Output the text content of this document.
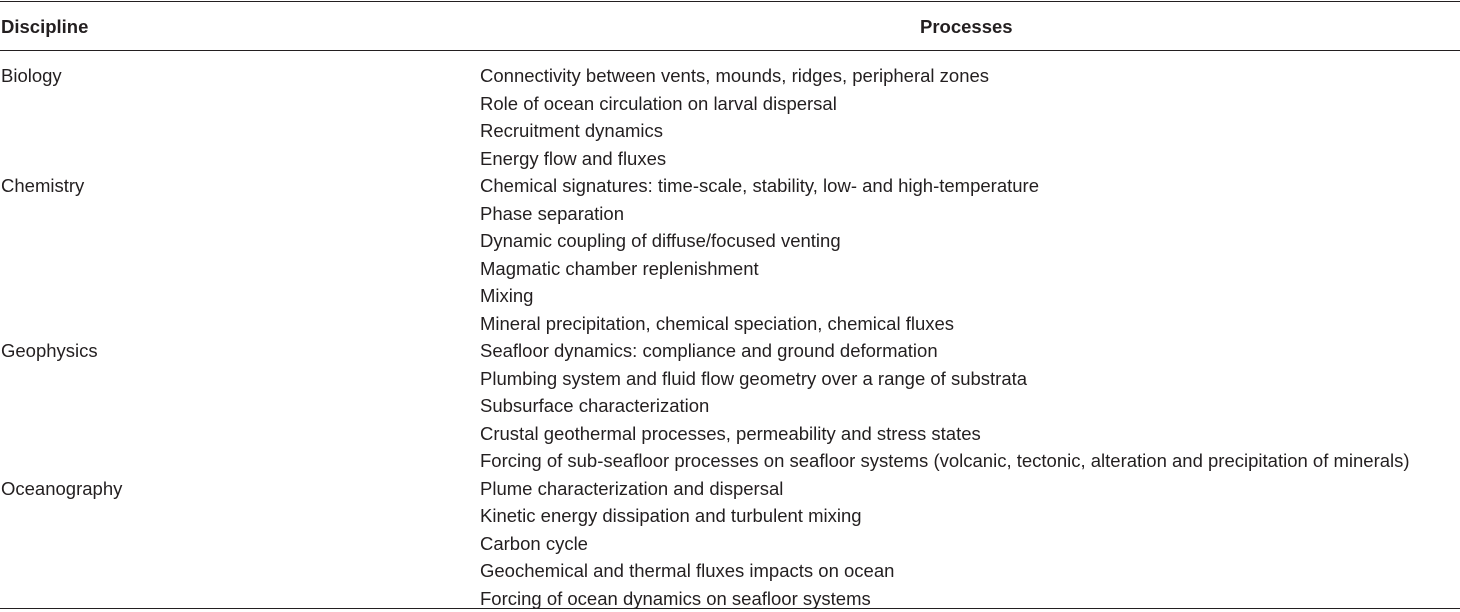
Discipline	Processes
Biology	Connectivity between vents, mounds, ridges, peripheral zones
Role of ocean circulation on larval dispersal
Recruitment dynamics
Energy flow and fluxes
Chemistry	Chemical signatures: time-scale, stability, low- and high-temperature
Phase separation
Dynamic coupling of diffuse/focused venting
Magmatic chamber replenishment
Mixing
Mineral precipitation, chemical speciation, chemical fluxes
Geophysics	Seafloor dynamics: compliance and ground deformation
Plumbing system and fluid flow geometry over a range of substrata
Subsurface characterization
Crustal geothermal processes, permeability and stress states
Forcing of sub-seafloor processes on seafloor systems (volcanic, tectonic, alteration and precipitation of minerals)
Oceanography	Plume characterization and dispersal
Kinetic energy dissipation and turbulent mixing
Carbon cycle
Geochemical and thermal fluxes impacts on ocean
Forcing of ocean dynamics on seafloor systems
